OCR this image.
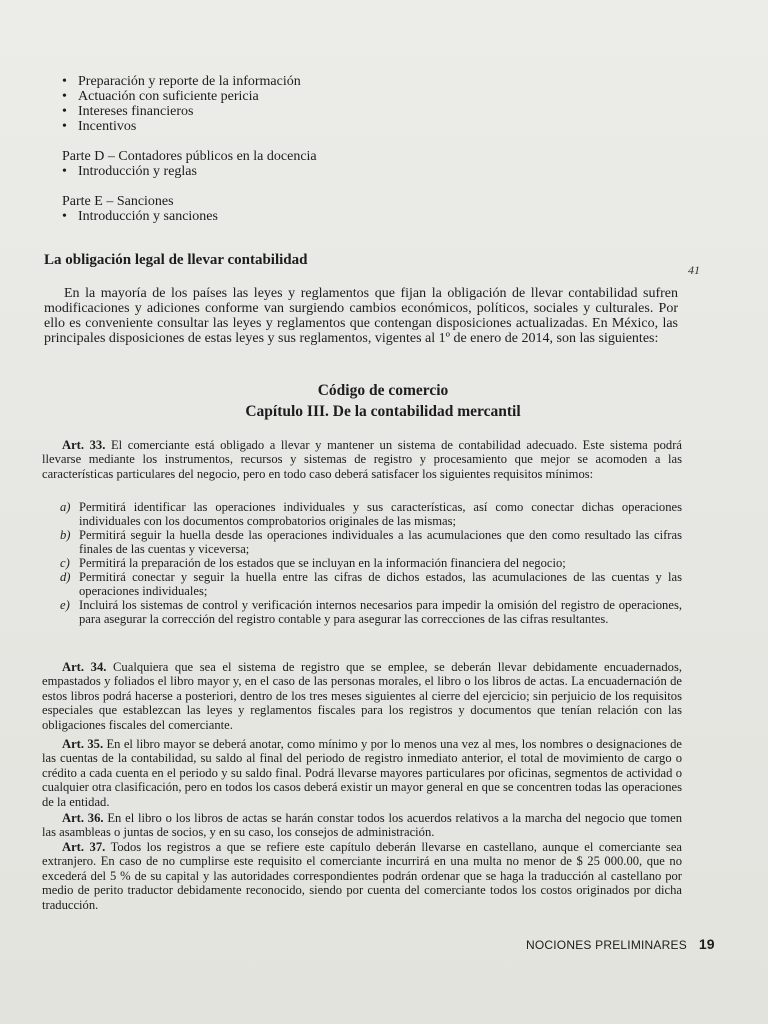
• Preparación y reporte de la información
• Actuación con suficiente pericia
• Intereses financieros
• Incentivos
Parte D – Contadores públicos en la docencia
• Introducción y reglas
Parte E – Sanciones
• Introducción y sanciones
La obligación legal de llevar contabilidad
41
En la mayoría de los países las leyes y reglamentos que fijan la obligación de llevar contabilidad sufren modificaciones y adiciones conforme van surgiendo cambios económicos, políticos, sociales y culturales. Por ello es conveniente consultar las leyes y reglamentos que contengan disposiciones actualizadas. En México, las principales disposiciones de estas leyes y sus reglamentos, vigentes al 1º de enero de 2014, son las siguientes:
Código de comercio
Capítulo III. De la contabilidad mercantil
Art. 33. El comerciante está obligado a llevar y mantener un sistema de contabilidad adecuado. Este sistema podrá llevarse mediante los instrumentos, recursos y sistemas de registro y procesamiento que mejor se acomoden a las características particulares del negocio, pero en todo caso deberá satisfacer los siguientes requisitos mínimos:
a) Permitirá identificar las operaciones individuales y sus características, así como conectar dichas operaciones individuales con los documentos comprobatorios originales de las mismas;
b) Permitirá seguir la huella desde las operaciones individuales a las acumulaciones que den como resultado las cifras finales de las cuentas y viceversa;
c) Permitirá la preparación de los estados que se incluyan en la información financiera del negocio;
d) Permitirá conectar y seguir la huella entre las cifras de dichos estados, las acumulaciones de las cuentas y las operaciones individuales;
e) Incluirá los sistemas de control y verificación internos necesarios para impedir la omisión del registro de operaciones, para asegurar la corrección del registro contable y para asegurar las correcciones de las cifras resultantes.
Art. 34. Cualquiera que sea el sistema de registro que se emplee, se deberán llevar debidamente encuadernados, empastados y foliados el libro mayor y, en el caso de las personas morales, el libro o los libros de actas. La encuadernación de estos libros podrá hacerse a posteriori, dentro de los tres meses siguientes al cierre del ejercicio; sin perjuicio de los requisitos especiales que establezcan las leyes y reglamentos fiscales para los registros y documentos que tenían relación con las obligaciones fiscales del comerciante.
Art. 35. En el libro mayor se deberá anotar, como mínimo y por lo menos una vez al mes, los nombres o designaciones de las cuentas de la contabilidad, su saldo al final del periodo de registro inmediato anterior, el total de movimiento de cargo o crédito a cada cuenta en el periodo y su saldo final. Podrá llevarse mayores particulares por oficinas, segmentos de actividad o cualquier otra clasificación, pero en todos los casos deberá existir un mayor general en que se concentren todas las operaciones de la entidad.
Art. 36. En el libro o los libros de actas se harán constar todos los acuerdos relativos a la marcha del negocio que tomen las asambleas o juntas de socios, y en su caso, los consejos de administración.
Art. 37. Todos los registros a que se refiere este capítulo deberán llevarse en castellano, aunque el comerciante sea extranjero. En caso de no cumplirse este requisito el comerciante incurrirá en una multa no menor de $ 25 000.00, que no excederá del 5 % de su capital y las autoridades correspondientes podrán ordenar que se haga la traducción al castellano por medio de perito traductor debidamente reconocido, siendo por cuenta del comerciante todos los costos originados por dicha traducción.
NOCIONES PRELIMINARES 19
